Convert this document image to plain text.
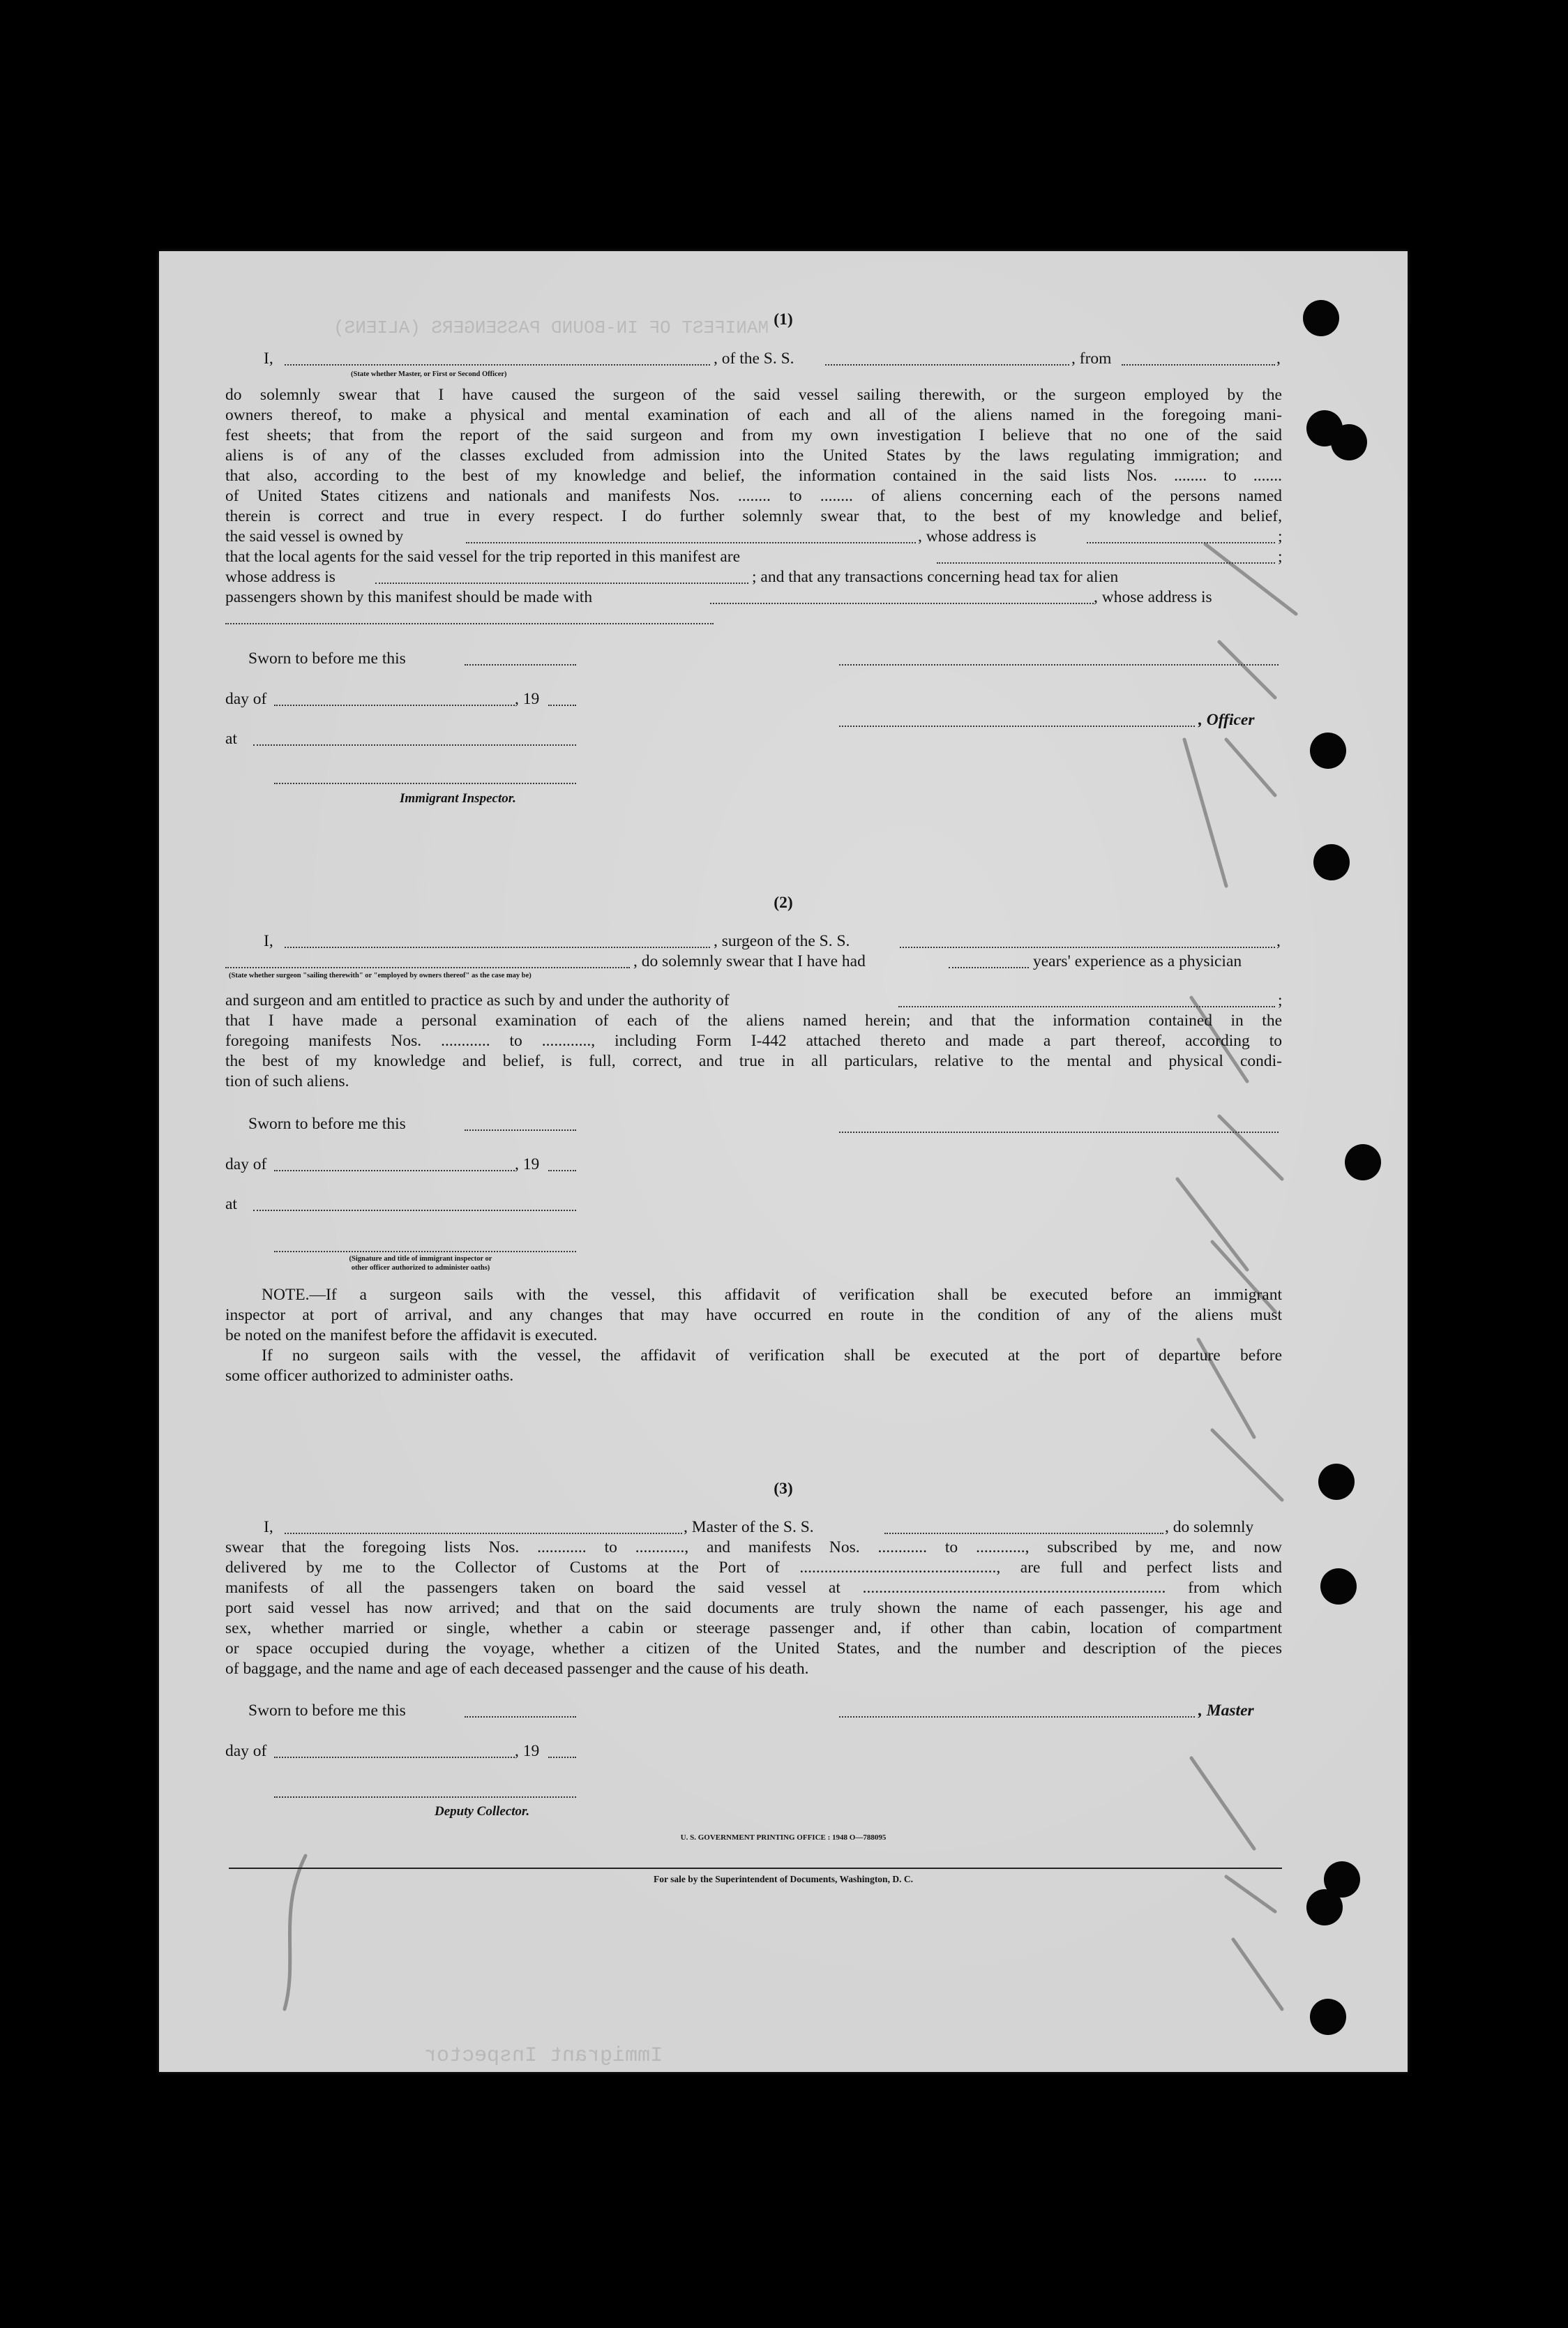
MANIFEST OF IN-BOUND PASSENGERS (ALIENS)
Immigrant Inspector
(1)
I,	, of the S. S.	, from	,
(State whether Master, or First or Second Officer)
do solemnly swear that I have caused the surgeon of the said vessel sailing therewith, or the surgeon employed by the
owners thereof, to make a physical and mental examination of each and all of the aliens named in the foregoing mani-
fest sheets; that from the report of the said surgeon and from my own investigation I believe that no one of the said
aliens is of any of the classes excluded from admission into the United States by the laws regulating immigration; and
that also, according to the best of my knowledge and belief, the information contained in the said lists Nos. ........ to .......
of United States citizens and nationals and manifests Nos. ........ to ........ of aliens concerning each of the persons named
therein is correct and true in every respect. I do further solemnly swear that, to the best of my knowledge and belief,
the said vessel is owned by	, whose address is	;
that the local agents for the said vessel for the trip reported in this manifest are	;
whose address is	; and that any transactions concerning head tax for alien
passengers shown by this manifest should be made with	, whose address is
Sworn to before me this
day of	, 19
at
, Officer
Immigrant Inspector.
(2)
I,	, surgeon of the S. S.	,
, do solemnly swear that I have had	years' experience as a physician
(State whether surgeon "sailing therewith" or "employed by owners thereof" as the case may be)
and surgeon and am entitled to practice as such by and under the authority of	;
that I have made a personal examination of each of the aliens named herein; and that the information contained in the
foregoing manifests Nos. ............ to ............, including Form I-442 attached thereto and made a part thereof, according to
the best of my knowledge and belief, is full, correct, and true in all particulars, relative to the mental and physical condi-
tion of such aliens.
Sworn to before me this
day of	, 19
at
(Signature and title of immigrant inspector or
other officer authorized to administer oaths)
NOTE.—If a surgeon sails with the vessel, this affidavit of verification shall be executed before an immigrant
inspector at port of arrival, and any changes that may have occurred en route in the condition of any of the aliens must
be noted on the manifest before the affidavit is executed.
If no surgeon sails with the vessel, the affidavit of verification shall be executed at the port of departure before
some officer authorized to administer oaths.
(3)
I,	, Master of the S. S.	, do solemnly
swear that the foregoing lists Nos. ............ to ............, and manifests Nos. ............ to ............, subscribed by me, and now
delivered by me to the Collector of Customs at the Port of ................................................, are full and perfect lists and
manifests of all the passengers taken on board the said vessel at .......................................................................... from which
port said vessel has now arrived; and that on the said documents are truly shown the name of each passenger, his age and
sex, whether married or single, whether a cabin or steerage passenger and, if other than cabin, location of compartment
or space occupied during the voyage, whether a citizen of the United States, and the number and description of the pieces
of baggage, and the name and age of each deceased passenger and the cause of his death.
Sworn to before me this	, Master
day of	, 19
Deputy Collector.
U. S. GOVERNMENT PRINTING OFFICE : 1948 O—788095
For sale by the Superintendent of Documents, Washington, D. C.
